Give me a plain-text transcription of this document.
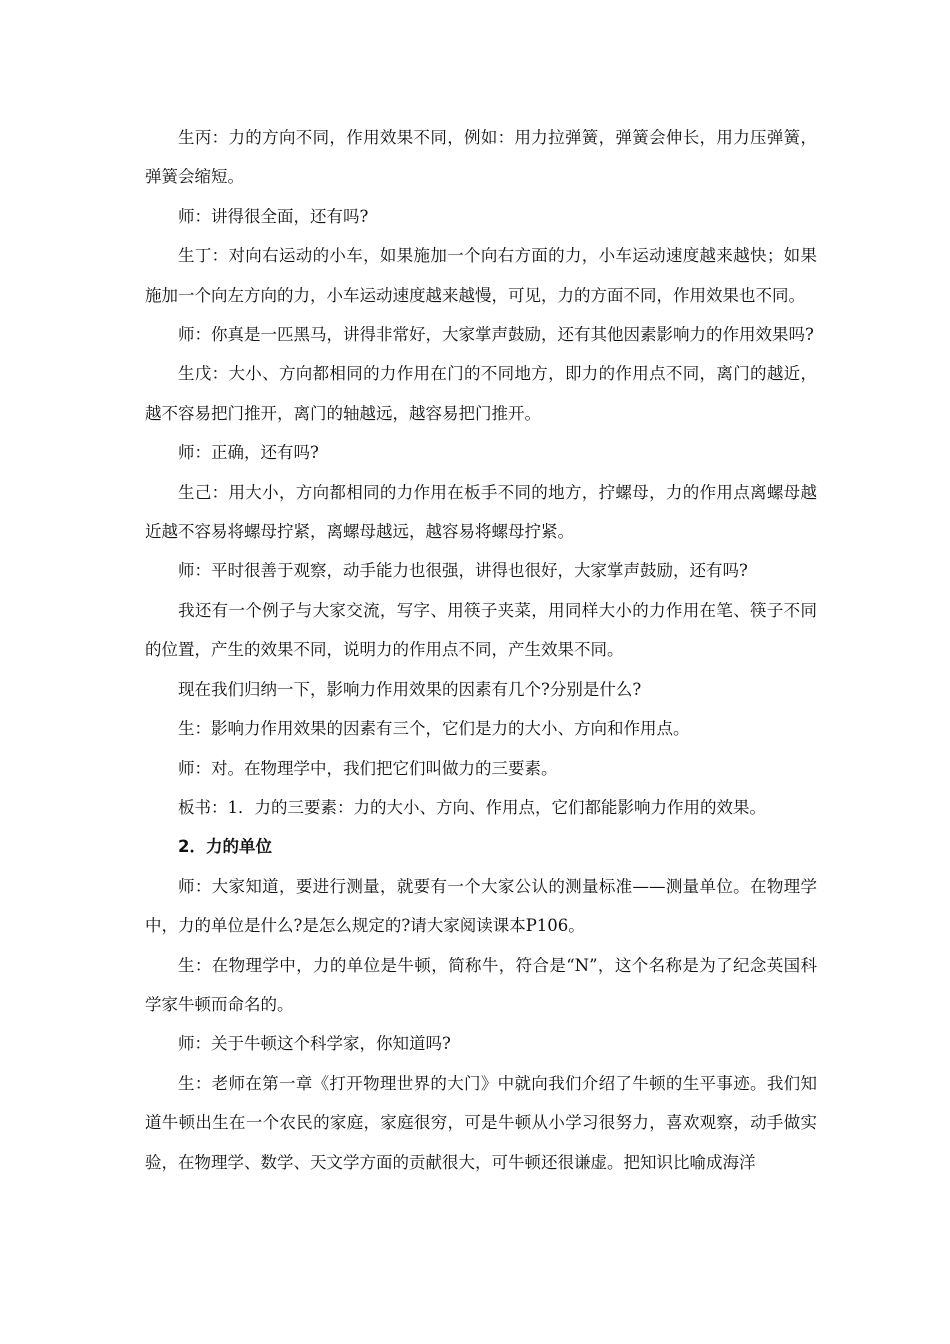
生丙：力的方向不同，作用效果不同，例如：用力拉弹簧，弹簧会伸长，用力压弹簧，弹簧会缩短。

师：讲得很全面，还有吗?

生丁：对向右运动的小车，如果施加一个向右方面的力，小车运动速度越来越快；如果施加一个向左方向的力，小车运动速度越来越慢，可见，力的方面不同，作用效果也不同。

师：你真是一匹黑马，讲得非常好，大家掌声鼓励，还有其他因素影响力的作用效果吗?

生戊：大小、方向都相同的力作用在门的不同地方，即力的作用点不同，离门的越近，越不容易把门推开，离门的轴越远，越容易把门推开。

师：正确，还有吗?

生己：用大小，方向都相同的力作用在板手不同的地方，拧螺母，力的作用点离螺母越近越不容易将螺母拧紧，离螺母越远，越容易将螺母拧紧。

师：平时很善于观察，动手能力也很强，讲得也很好，大家掌声鼓励，还有吗?

我还有一个例子与大家交流，写字、用筷子夹菜，用同样大小的力作用在笔、筷子不同的位置，产生的效果不同，说明力的作用点不同，产生效果不同。

现在我们归纳一下，影响力作用效果的因素有几个?分别是什么?

生：影响力作用效果的因素有三个，它们是力的大小、方向和作用点。

师：对。在物理学中，我们把它们叫做力的三要素。

板书：1．力的三要素：力的大小、方向、作用点，它们都能影响力作用的效果。

2．力的单位

师：大家知道，要进行测量，就要有一个大家公认的测量标准——测量单位。在物理学中，力的单位是什么?是怎么规定的?请大家阅读课本P106。

生：在物理学中，力的单位是牛顿，简称牛，符合是“N”，这个名称是为了纪念英国科学家牛顿而命名的。

师：关于牛顿这个科学家，你知道吗?

生：老师在第一章《打开物理世界的大门》中就向我们介绍了牛顿的生平事迹。我们知道牛顿出生在一个农民的家庭，家庭很穷，可是牛顿从小学习很努力，喜欢观察，动手做实验，在物理学、数学、天文学方面的贡献很大，可牛顿还很谦虚。把知识比喻成海洋
